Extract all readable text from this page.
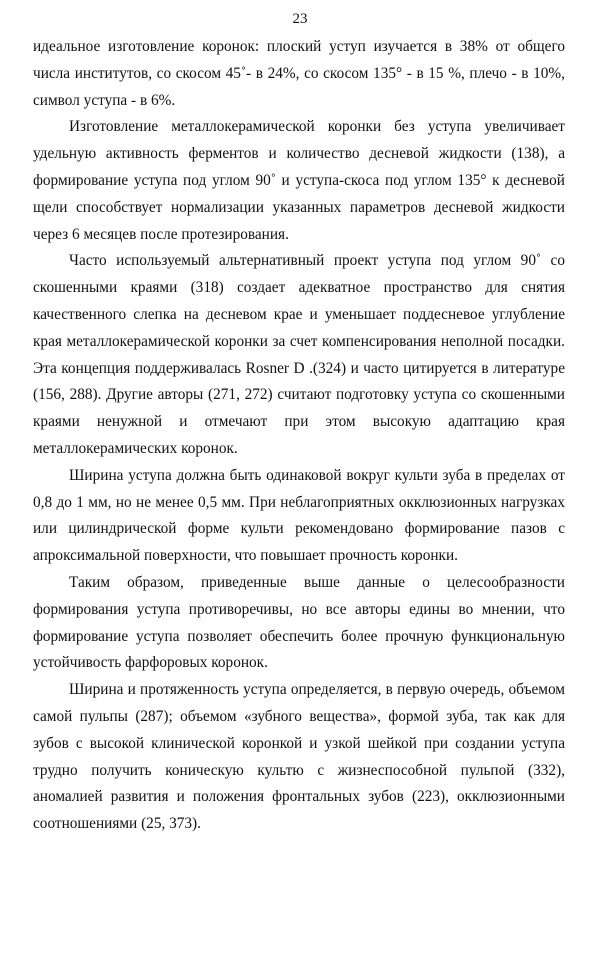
23

идеальное изготовление коронок: плоский уступ изучается в 38% от общего числа институтов, со скосом 45˚- в 24%, со скосом 135° - в 15 %, плечо - в 10%, символ уступа - в 6%.

Изготовление металлокерамической коронки без уступа увеличивает удельную активность ферментов и количество десневой жидкости (138), а формирование уступа под углом 90˚ и уступа-скоса под углом 135° к десневой щели способствует нормализации указанных параметров десневой жидкости через 6 месяцев после протезирования.

Часто используемый альтернативный проект уступа под углом 90˚ со скошенными краями (318) создает адекватное пространство для снятия качественного слепка на десневом крае и уменьшает поддесневое углубление края металлокерамической коронки за счет компенсирования неполной посадки. Эта концепция поддерживалась Rosner D .(324) и часто цитируется в литературе (156, 288). Другие авторы (271, 272) считают подготовку уступа со скошенными краями ненужной и отмечают при этом высокую адаптацию края металлокерамических коронок.

Ширина уступа должна быть одинаковой вокруг культи зуба в пределах от 0,8 до 1 мм, но не менее 0,5 мм. При неблагоприятных окклюзионных нагрузках или цилиндрической форме культи рекомендовано формирование пазов с апроксимальной поверхности, что повышает прочность коронки.

Таким образом, приведенные выше данные о целесообразности формирования уступа противоречивы, но все авторы едины во мнении, что формирование уступа позволяет обеспечить более прочную функциональную устойчивость фарфоровых коронок.

Ширина и протяженность уступа определяется, в первую очередь, объемом самой пульпы (287); объемом «зубного вещества», формой зуба, так как для зубов с высокой клинической коронкой и узкой шейкой при создании уступа трудно получить коническую культю с жизнеспособной пульпой (332), аномалией развития и положения фронтальных зубов (223), окклюзионными соотношениями (25, 373).
